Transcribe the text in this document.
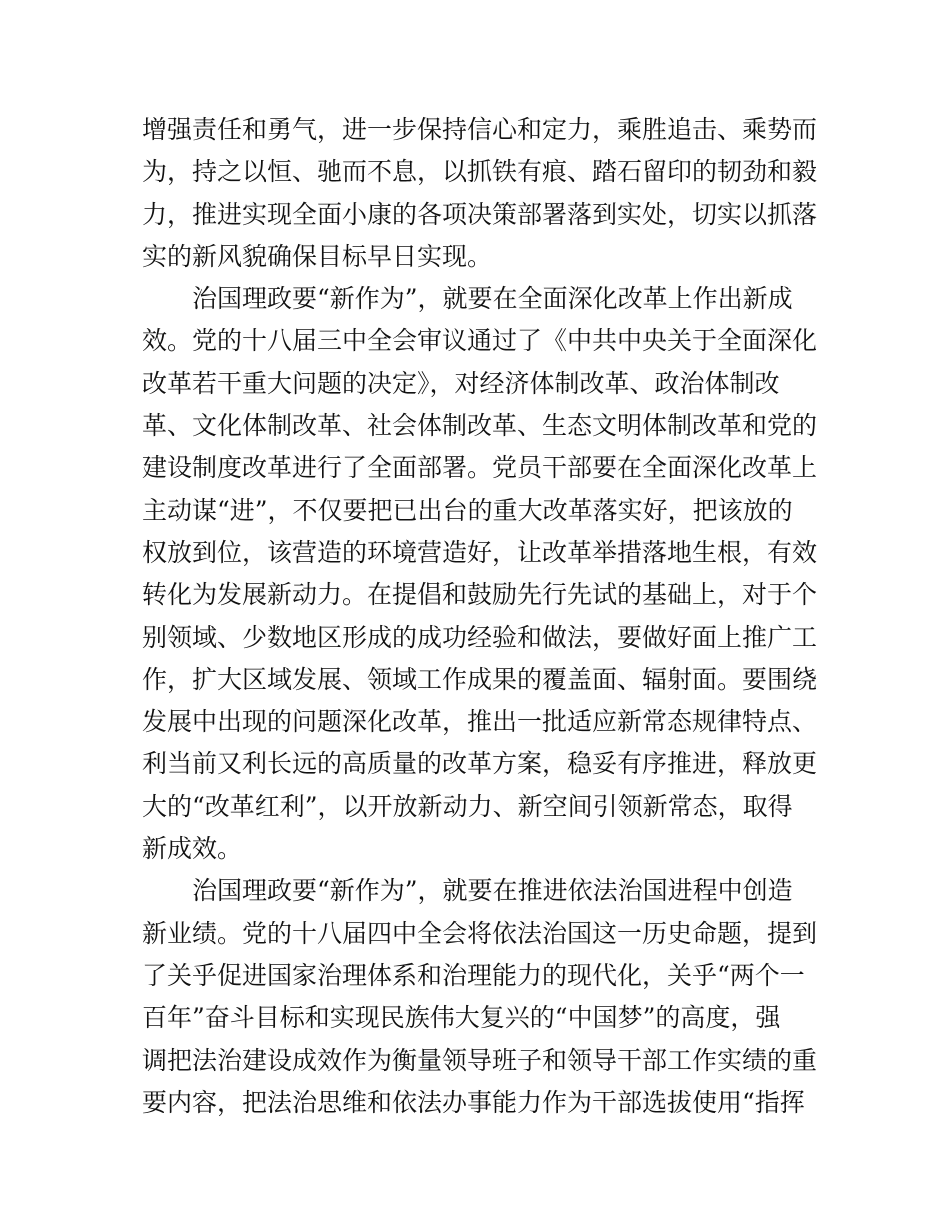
增强责任和勇气，进一步保持信心和定力，乘胜追击、乘势而
为，持之以恒、驰而不息，以抓铁有痕、踏石留印的韧劲和毅
力，推进实现全面小康的各项决策部署落到实处，切实以抓落
实的新风貌确保目标早日实现。
治国理政要“新作为”，就要在全面深化改革上作出新成
效。党的十八届三中全会审议通过了《中共中央关于全面深化
改革若干重大问题的决定》，对经济体制改革、政治体制改
革、文化体制改革、社会体制改革、生态文明体制改革和党的
建设制度改革进行了全面部署。党员干部要在全面深化改革上
主动谋“进”，不仅要把已出台的重大改革落实好，把该放的
权放到位，该营造的环境营造好，让改革举措落地生根，有效
转化为发展新动力。在提倡和鼓励先行先试的基础上，对于个
别领域、少数地区形成的成功经验和做法，要做好面上推广工
作，扩大区域发展、领域工作成果的覆盖面、辐射面。要围绕
发展中出现的问题深化改革，推出一批适应新常态规律特点、
利当前又利长远的高质量的改革方案，稳妥有序推进，释放更
大的“改革红利”，以开放新动力、新空间引领新常态，取得
新成效。
治国理政要“新作为”，就要在推进依法治国进程中创造
新业绩。党的十八届四中全会将依法治国这一历史命题，提到
了关乎促进国家治理体系和治理能力的现代化，关乎“两个一
百年”奋斗目标和实现民族伟大复兴的“中国梦”的高度，强
调把法治建设成效作为衡量领导班子和领导干部工作实绩的重
要内容，把法治思维和依法办事能力作为干部选拔使用“指挥
